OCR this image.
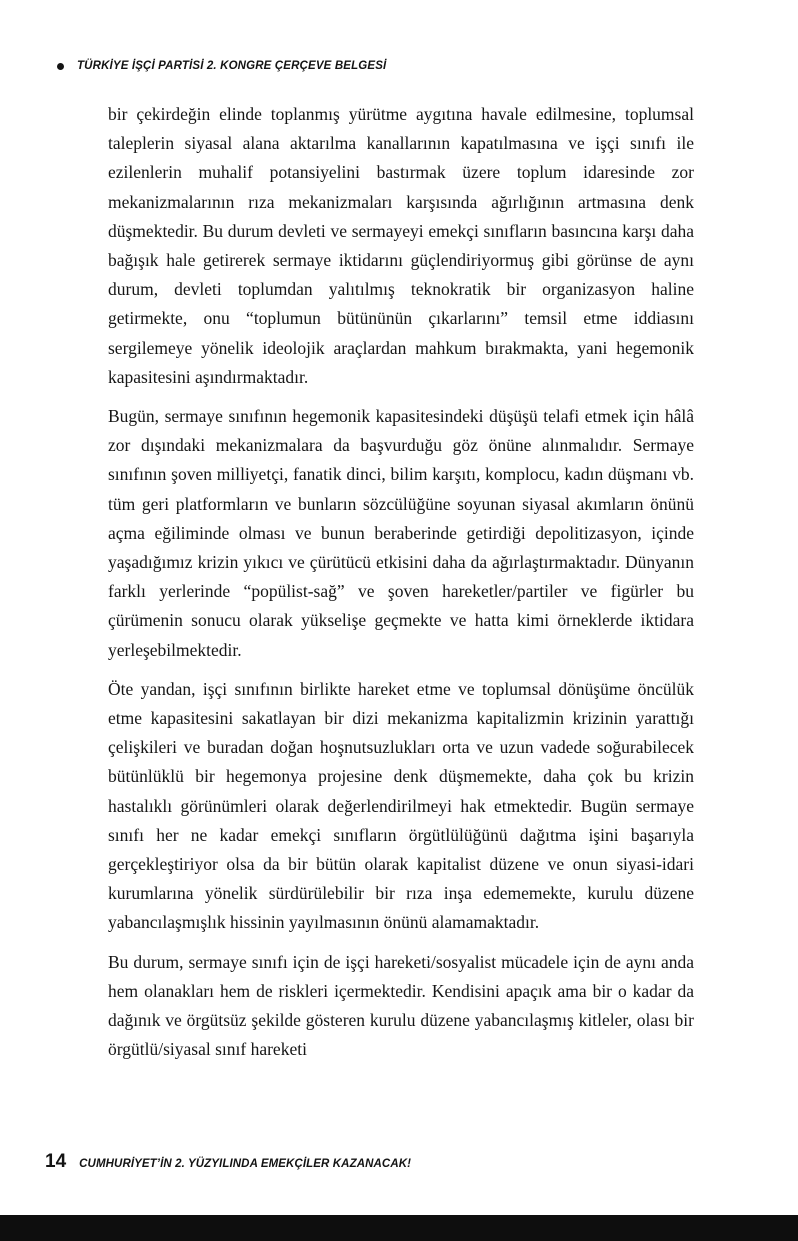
TÜRKİYE İŞÇİ PARTİSİ 2. KONGRE ÇERÇEVE BELGESİ

bir çekirdeğin elinde toplanmış yürütme aygıtına havale edilmesine, toplumsal taleplerin siyasal alana aktarılma kanallarının kapatılmasına ve işçi sınıfı ile ezilenlerin muhalif potansiyelini bastırmak üzere toplum idaresinde zor mekanizmalarının rıza mekanizmaları karşısında ağırlığının artmasına denk düşmektedir. Bu durum devleti ve sermayeyi emekçi sınıfların basıncına karşı daha bağışık hale getirerek sermaye iktidarını güçlendiriyormuş gibi görünse de aynı durum, devleti toplumdan yalıtılmış teknokratik bir organizasyon haline getirmekte, onu “toplumun bütününün çıkarlarını” temsil etme iddiasını sergilemeye yönelik ideolojik araçlardan mahkum bırakmakta, yani hegemonik kapasitesini aşındırmaktadır.

Bugün, sermaye sınıfının hegemonik kapasitesindeki düşüşü telafi etmek için hâlâ zor dışındaki mekanizmalara da başvurduğu göz önüne alınmalıdır. Sermaye sınıfının şoven milliyetçi, fanatik dinci, bilim karşıtı, komplocu, kadın düşmanı vb. tüm geri platformların ve bunların sözcülüğüne soyunan siyasal akımların önünü açma eğiliminde olması ve bunun beraberinde getirdiği depolitizasyon, içinde yaşadığımız krizin yıkıcı ve çürütücü etkisini daha da ağırlaştırmaktadır. Dünyanın farklı yerlerinde “popülist-sağ” ve şoven hareketler/partiler ve figürler bu çürümenin sonucu olarak yükselişe geçmekte ve hatta kimi örneklerde iktidara yerleşebilmektedir.

Öte yandan, işçi sınıfının birlikte hareket etme ve toplumsal dönüşüme öncülük etme kapasitesini sakatlayan bir dizi mekanizma kapitalizmin krizinin yarattığı çelişkileri ve buradan doğan hoşnutsuzlukları orta ve uzun vadede soğurabilecek bütünlüklü bir hegemonya projesine denk düşmemekte, daha çok bu krizin hastalıklı görünümleri olarak değerlendirilmeyi hak etmektedir. Bugün sermaye sınıfı her ne kadar emekçi sınıfların örgütlülüğünü dağıtma işini başarıyla gerçekleştiriyor olsa da bir bütün olarak kapitalist düzene ve onun siyasi-idari kurumlarına yönelik sürdürülebilir bir rıza inşa edememekte, kurulu düzene yabancılaşmışlık hissinin yayılmasının önünü alamamaktadır.

Bu durum, sermaye sınıfı için de işçi hareketi/sosyalist mücadele için de aynı anda hem olanakları hem de riskleri içermektedir. Kendisini apaçık ama bir o kadar da dağınık ve örgütsüz şekilde gösteren kurulu düzene yabancılaşmış kitleler, olası bir örgütlü/siyasal sınıf hareketi

14 CUMHURİYET’İN 2. YÜZYILINDA EMEKÇİLER KAZANACAK!
